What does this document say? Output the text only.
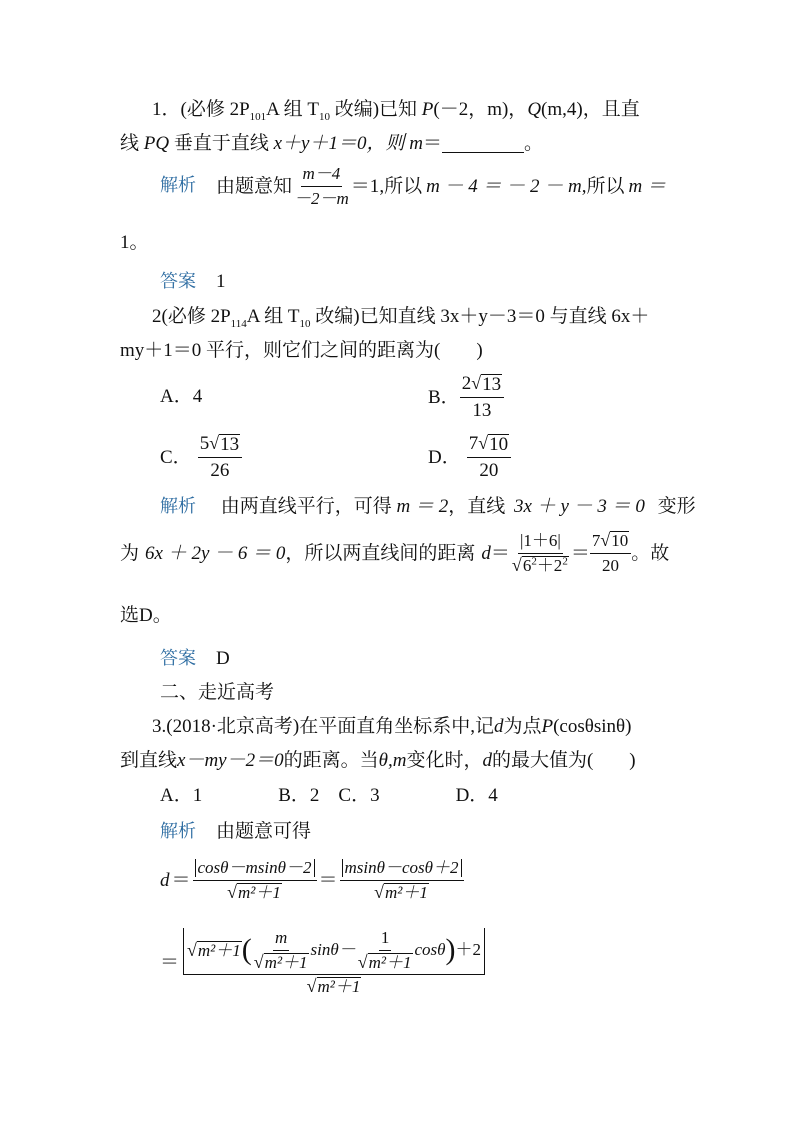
1．(必修 $2P_{101}A$ 组 $T_{10}$ 改编)已知 P(－2，m)，Q(m,4)，且直
线 PQ 垂直于直线 x＋y＋1＝0，则 m＝	。
解析 由题意知 $\frac{m-4}{-2-m} =1$ ,所以 m － 4 ＝ － 2 － m ,所以 m ＝
1。
答案 1
2(必修 $2P_{114}A$ 组 $T_{10}$ 改编)已知直线 3x＋y－3＝0 与直线 6x＋
my＋1＝0 平行，则它们之间的距离为( )
A．4	B． $\frac{2 √ 13}{13}$
C． $\frac{5 √ 13}{26}$	D． $\frac{7 √ 10}{20}$
解析 由两直线平行，可得 m ＝ 2，直线 3x ＋ y － 3 ＝ 0 变形
为 6x ＋ 2y － 6 ＝ 0 ，所以两直线间的距离 $d = \frac{|1+6|}{√ 6^2+2^2} = \frac{7 √ 10}{20}$ 。故
选D。
答案 D
二、走近高考
3.(2018·北京高考)在平面直角坐标系中,记d为点P(cosθsinθ)
到直线x－my－2＝0的距离。当θ,m变化时，d的最大值为( )
A．1　　　　B．2　C．3　　　　D．4
解析 由题意可得
$d = \frac{\cos\theta-msin\theta-2}{\text{√ m²＋1}} = \frac{msin\theta-\cos\theta+2}{\text{√ m²＋1}}$
＝
√ m²＋1 ( $\frac{m}{\text{√ m²＋1}} \sin\theta- \frac{1}{\text{√ m²＋1}}$ cosθ ) ＋2
√ m²＋1
